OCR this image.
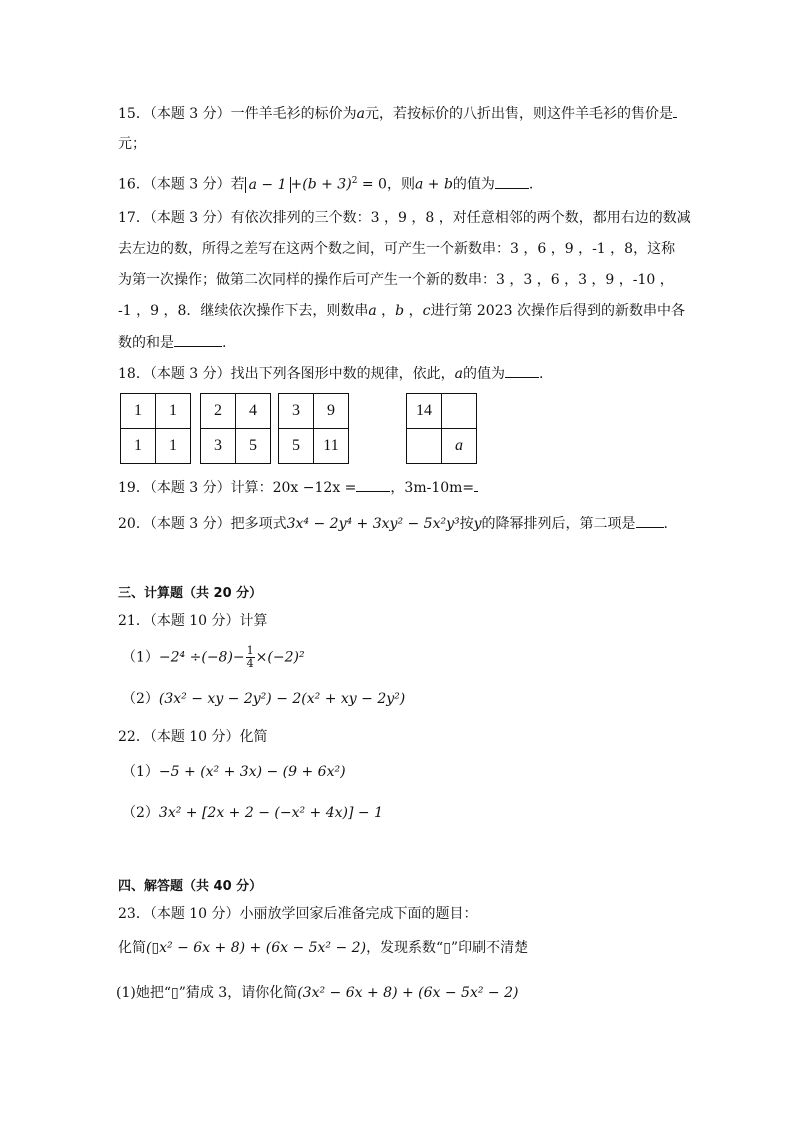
15．（本题 3 分）一件羊毛衫的标价为a元，若按标价的八折出售，则这件羊毛衫的售价是
元；
16．（本题 3 分）若 $a - 1 +(b + 3)^2 = 0$，则a + b的值为 .
17．（本题 3 分）有依次排列的三个数：3 ，9 ，8 ，对任意相邻的两个数，都用右边的数减
去左边的数，所得之差写在这两个数之间，可产生一个新数串：3 ，6 ，9 ，-1 ，8，这称
为第一次操作；做第二次同样的操作后可产生一个新的数串：3 ，3 ，6 ，3 ，9 ，-10 ，
-1 ，9 ，8．继续依次操作下去，则数串a ，b ，c进行第 2023 次操作后得到的新数串中各
数的和是	.
18．（本题 3 分）找出下列各图形中数的规律，依此，a的值为 .
1	1
1	1
2	4
3	5
3	9
5	11
14	
	a
19．（本题 3 分）计算：20x −12x = ，3m-10m=
20．（本题 3 分）把多项式3x⁴ − 2y⁴ + 3xy² − 5x²y³按y的降幂排列后，第二项是 .
三、计算题（共 20 分）
21．（本题 10 分）计算
$(1)-2^4 \div(-8)- \frac{1}{4} \times(-2)^2$
（2）(3x² − xy − 2y²) − 2(x² + xy − 2y²)
22．（本题 10 分）化简
（1）−5 + (x² + 3x) − (9 + 6x²)
（2）3x² + [2x + 2 − (−x² + 4x)] − 1
四、解答题（共 40 分）
23．（本题 10 分）小丽放学回家后准备完成下面的题目：
化简(▯x² − 6x + 8) + (6x − 5x² − 2)，发现系数“▯”印刷不清楚
(1)她把“▯”猜成 3，请你化简(3x² − 6x + 8) + (6x − 5x² − 2)
